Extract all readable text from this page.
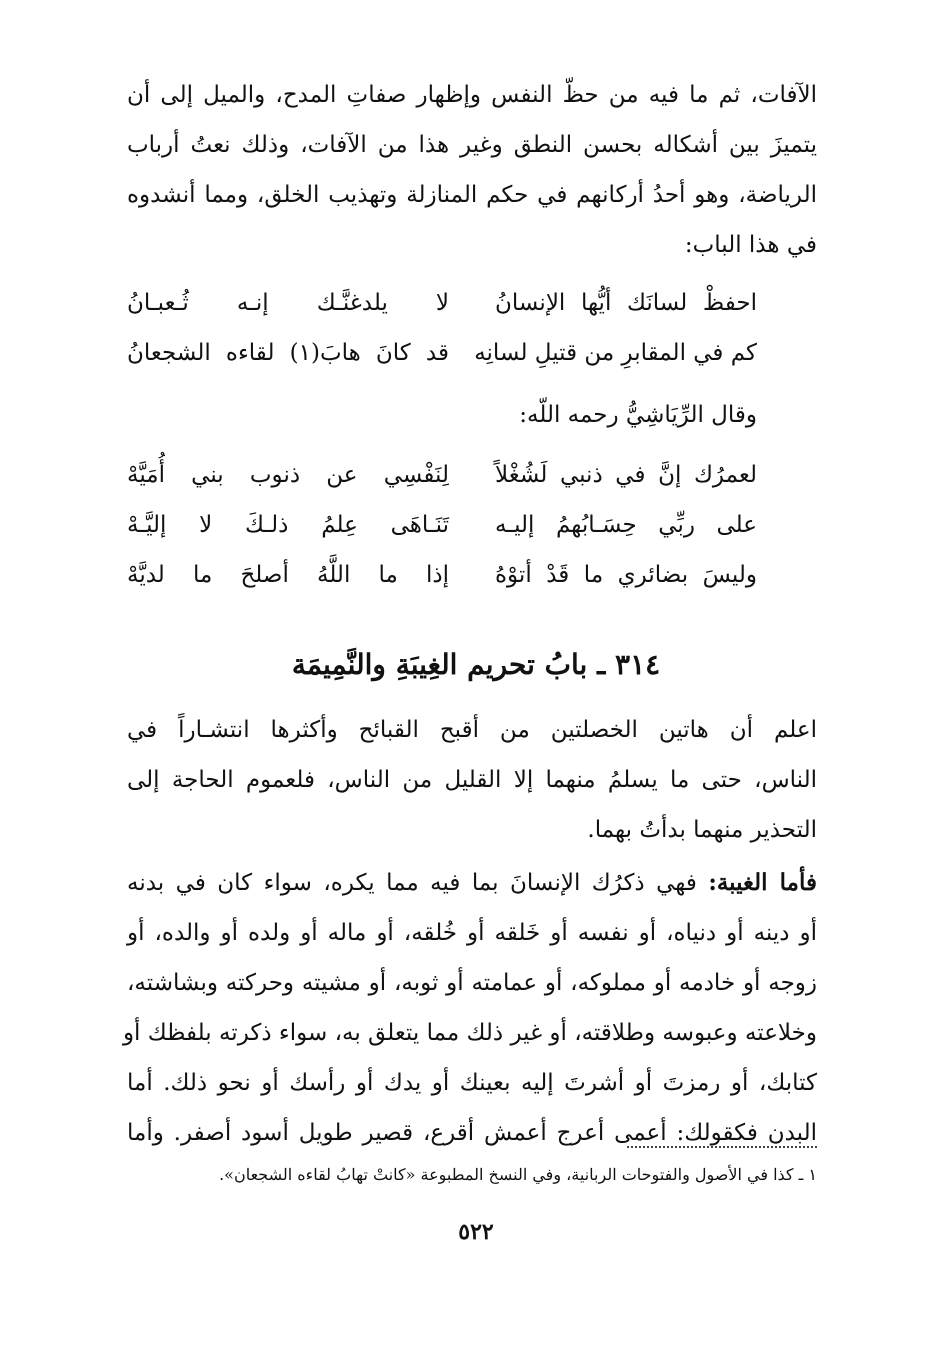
الآفات، ثم ما فيه من حظّ النفس وإظهار صفاتِ المدح، والميل إلى أن
يتميزَ بين أشكاله بحسن النطق وغير هذا من الآفات، وذلك نعتُ أرباب
الرياضة، وهو أحدُ أركانهم في حكم المنازلة وتهذيب الخلق، ومما أنشدوه
في هذا الباب:

احفظْ لسانَك أيُّها الإنسانُ
لا يلدغنَّـك إنـه ثُـعبـانُ
كم في المقابرِ من قتيلِ لسانِه
قد كانَ هابَ(١) لقاءه الشجعانُ
وقال الرِّيَاشِيُّ رحمه اللّه:
لعمرُك إنَّ في ذنبي لَشُغْلاً
لِنَفْسِي عن ذنوب بني أُمَيَّهْ
على ربِّي حِسَـابُهمُ إليـه
تَنَـاهَى عِلمُ ذلـكَ لا إليَّـهْ
وليسَ بضائري ما قَدْ أتوْهُ
إذا ما اللَّهُ أصلحَ ما لديَّهْ
٣١٤ ـ بابُ تحريم الغِيبَةِ والنَّمِيمَة

اعلم أن هاتين الخصلتين من أقبح القبائح وأكثرها انتشـاراً في
الناس، حتى ما يسلمُ منهما إلا القليل من الناس، فلعموم الحاجة إلى
التحذير منهما بدأتُ بهما.

فأما الغيبة: فهي ذكرُك الإنسانَ بما فيه مما يكره، سواء كان في بدنه
أو دينه أو دنياه، أو نفسه أو خَلقه أو خُلقه، أو ماله أو ولده أو والده، أو
زوجه أو خادمه أو مملوكه، أو عمامته أو ثوبه، أو مشيته وحركته وبشاشته،
وخلاعته وعبوسه وطلاقته، أو غير ذلك مما يتعلق به، سواء ذكرته بلفظك أو
كتابك، أو رمزتَ أو أشرتَ إليه بعينك أو يدك أو رأسك أو نحو ذلك. أما
البدن فكقولك: أعمى أعرج أعمش أقرع، قصير طويل أسود أصفر. وأما

١ ـ كذا في الأصول والفتوحات الربانية، وفي النسخ المطبوعة «كانتْ تهابُ لقاءه الشجعان».
٥٢٢
